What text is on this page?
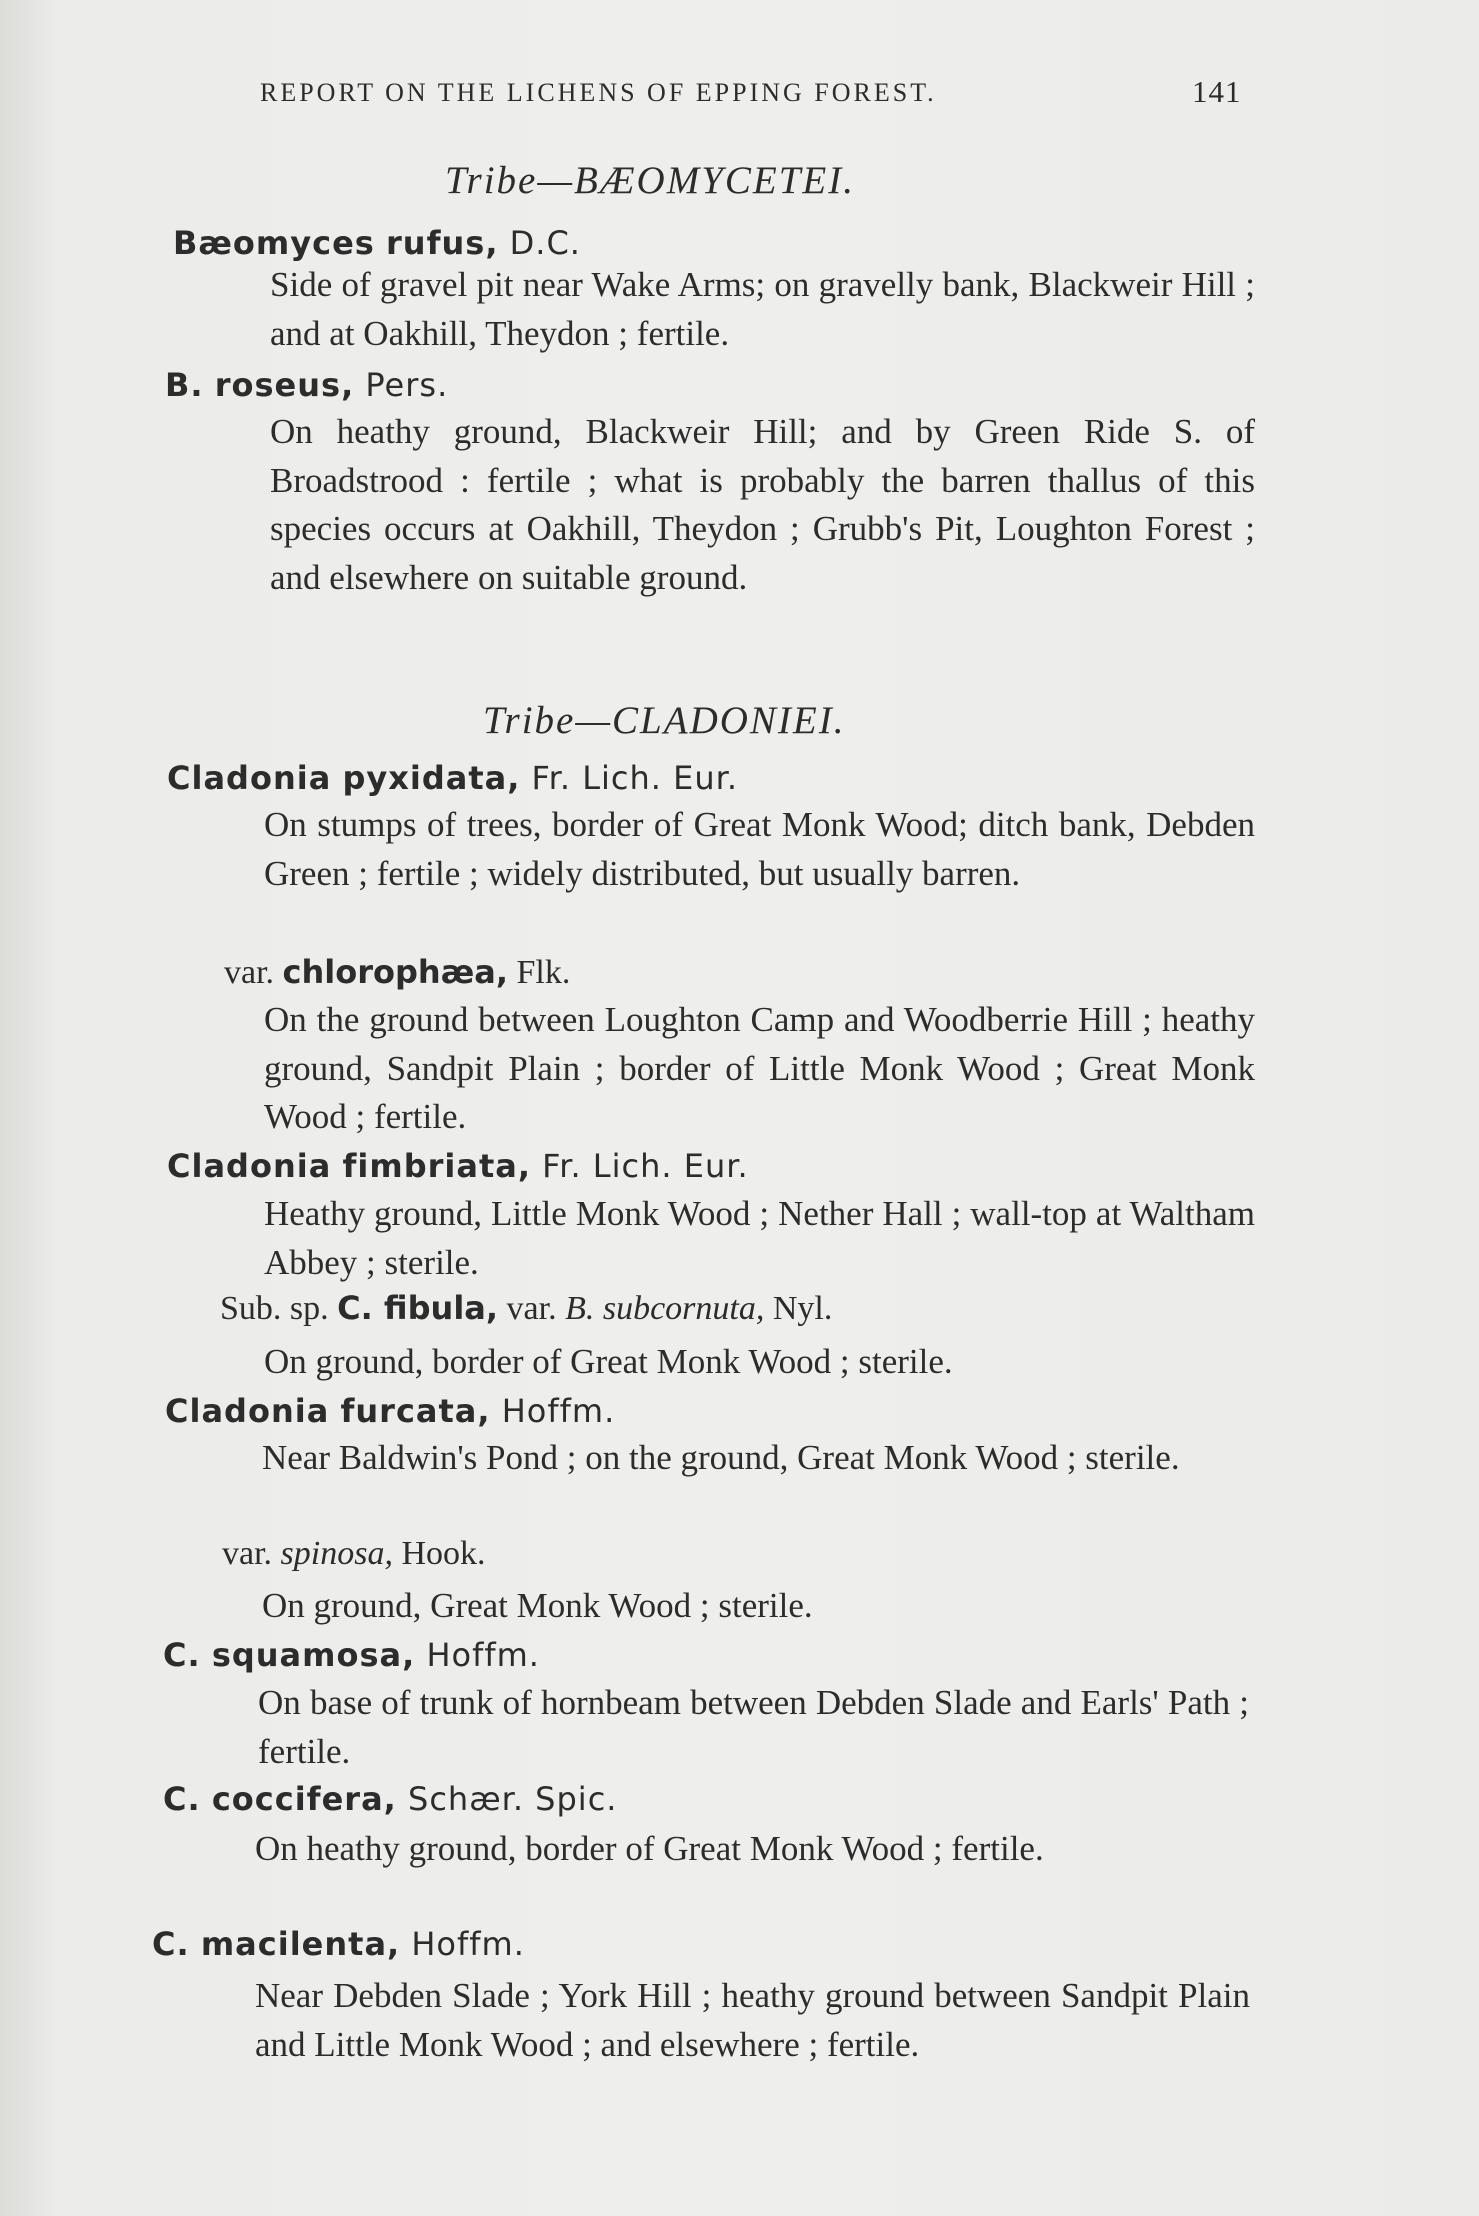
REPORT ON THE LICHENS OF EPPING FOREST.	141
Tribe—BÆOMYCETEI.
Bæomyces rufus, D.C.
Side of gravel pit near Wake Arms; on gravelly bank, Blackweir Hill ; and at Oakhill, Theydon ; fertile.
B. roseus, Pers.
On heathy ground, Blackweir Hill; and by Green Ride S. of Broadstrood : fertile ; what is probably the barren thallus of this species occurs at Oakhill, Theydon ; Grubb's Pit, Loughton Forest ; and elsewhere on suitable ground.
Tribe—CLADONIEI.
Cladonia pyxidata, Fr. Lich. Eur.
On stumps of trees, border of Great Monk Wood; ditch bank, Debden Green ; fertile ; widely distributed, but usually barren.
var. chlorophæa, Flk.
On the ground between Loughton Camp and Woodberrie Hill ; heathy ground, Sandpit Plain ; border of Little Monk Wood ; Great Monk Wood ; fertile.
Cladonia fimbriata, Fr. Lich. Eur.
Heathy ground, Little Monk Wood ; Nether Hall ; wall-top at Waltham Abbey ; sterile.
Sub. sp. C. fibula, var. B. subcornuta, Nyl.
On ground, border of Great Monk Wood ; sterile.
Cladonia furcata, Hoffm.
Near Baldwin's Pond ; on the ground, Great Monk Wood ; sterile.
var. spinosa, Hook.
On ground, Great Monk Wood ; sterile.
C. squamosa, Hoffm.
On base of trunk of hornbeam between Debden Slade and Earls' Path ; fertile.
C. coccifera, Schær. Spic.
On heathy ground, border of Great Monk Wood ; fertile.
C. macilenta, Hoffm.
Near Debden Slade ; York Hill ; heathy ground between Sandpit Plain and Little Monk Wood ; and elsewhere ; fertile.
